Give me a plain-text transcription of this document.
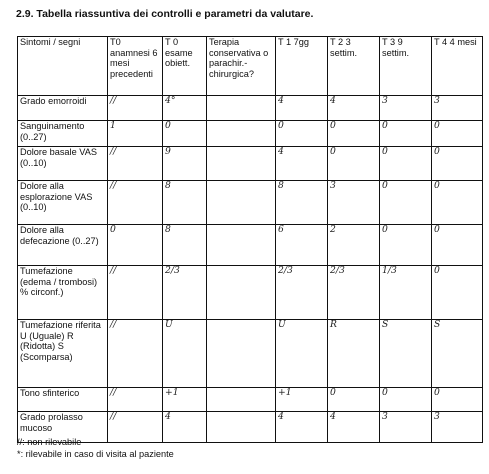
2.9. Tabella riassuntiva dei controlli e parametri da valutare.
Sintomi / segni	T0 anamnesi 6 mesi precedenti	T 0 esame obiett.	Terapia conservativa o parachir.- chirurgica?	T 1 7gg	T 2 3 settim.	T 3 9 settim.	T 4 4 mesi
Grado emorroidi	//	4°		4	4	3	3
Sanguinamento (0..27)	1	0		0	0	0	0
Dolore basale VAS (0..10)	//	9		4	0	0	0
Dolore alla esplorazione VAS (0..10)	//	8		8	3	0	0
Dolore alla defecazione (0..27)	0	8		6	2	0	0
Tumefazione (edema / trombosi) % circonf.)	//	2/3		2/3	2/3	1/3	0
Tumefazione riferita U (Uguale) R (Ridotta) S (Scomparsa)	//	U		U	R	S	S
Tono sfinterico	//	+1		+1	0	0	0
Grado prolasso mucoso	//	4		4	4	3	3
//: non rilevabile
*: rilevabile in caso di visita al paziente
